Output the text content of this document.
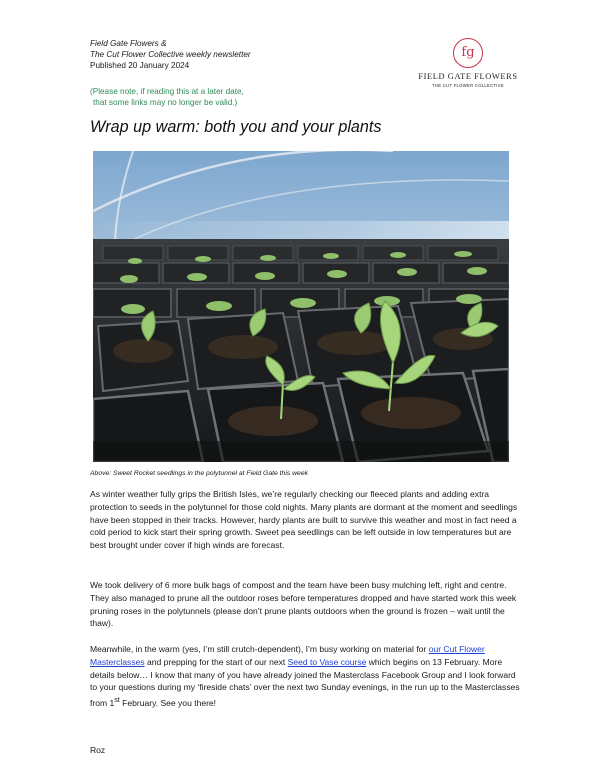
Field Gate Flowers &
The Cut Flower Collective weekly newsletter
Published 20 January 2024
(Please note, if reading this at a later date,
that some links may no longer be valid.)
fg
FIELD GATE FLOWERS
THE CUT FLOWER COLLECTIVE
Wrap up warm: both you and your plants
Above: Sweet Rocket seedlings in the polytunnel at Field Gate this week

As winter weather fully grips the British Isles, we’re regularly checking our fleeced plants and adding extra protection to seeds in the polytunnel for those cold nights. Many plants are dormant at the moment and seedlings have been stopped in their tracks. However, hardy plants are built to survive this weather and most in fact need a cold period to kick start their spring growth. Sweet pea seedlings can be left outside in low temperatures but are best brought under cover if high winds are forecast.

We took delivery of 6 more bulk bags of compost and the team have been busy mulching left, right and centre. They also managed to prune all the outdoor roses before temperatures dropped and have started work this week pruning roses in the polytunnels (please don’t prune plants outdoors when the ground is frozen – wait until the thaw).

Meanwhile, in the warm (yes, I’m still crutch-dependent), I’m busy working on material for our Cut Flower Masterclasses and prepping for the start of our next Seed to Vase course which begins on 13 February. More details below… I know that many of you have already joined the Masterclass Facebook Group and I look forward to your questions during my ‘fireside chats’ over the next two Sunday evenings, in the run up to the Masterclasses from 1st February. See you there!

Roz
